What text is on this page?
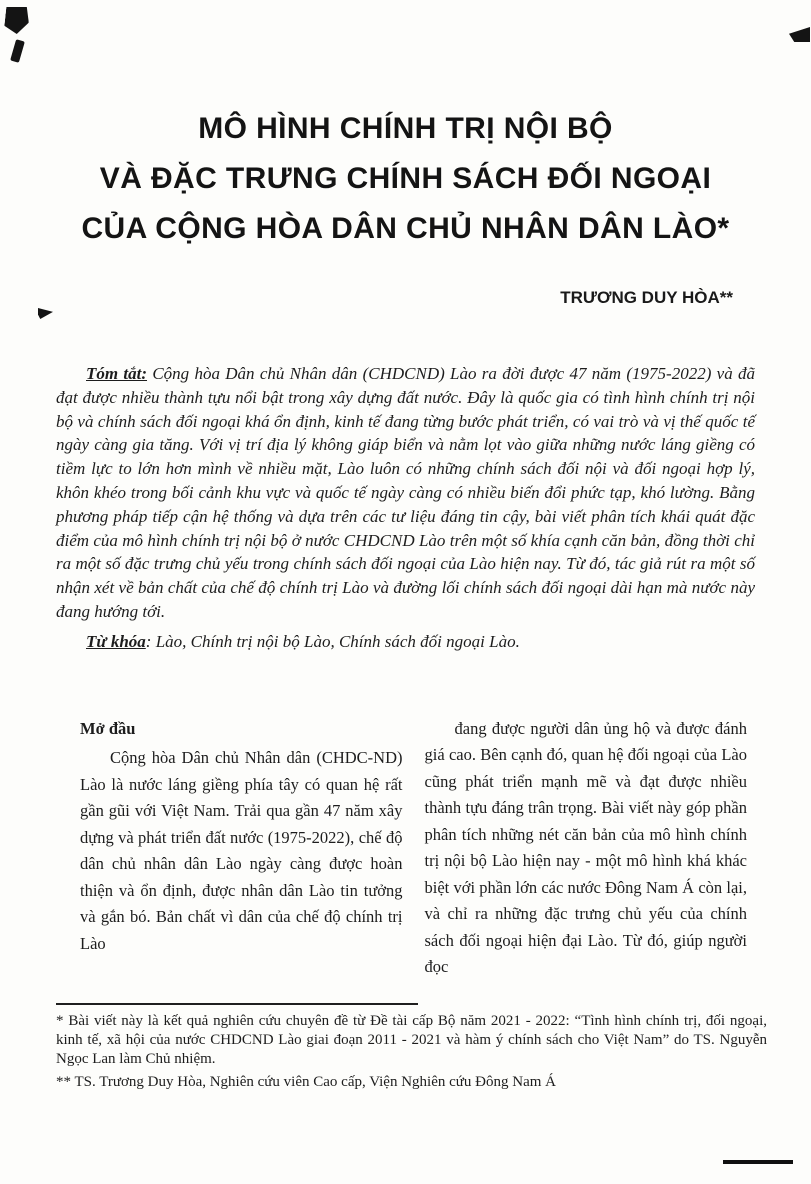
MÔ HÌNH CHÍNH TRỊ NỘI BỘ
VÀ ĐẶC TRƯNG CHÍNH SÁCH ĐỐI NGOẠI
CỦA CỘNG HÒA DÂN CHỦ NHÂN DÂN LÀO*
TRƯƠNG DUY HÒA**

Tóm tắt: Cộng hòa Dân chủ Nhân dân (CHDCND) Lào ra đời được 47 năm (1975-2022) và đã đạt được nhiều thành tựu nổi bật trong xây dựng đất nước. Đây là quốc gia có tình hình chính trị nội bộ và chính sách đối ngoại khá ổn định, kinh tế đang từng bước phát triển, có vai trò và vị thế quốc tế ngày càng gia tăng. Với vị trí địa lý không giáp biển và nằm lọt vào giữa những nước láng giềng có tiềm lực to lớn hơn mình về nhiều mặt, Lào luôn có những chính sách đối nội và đối ngoại hợp lý, khôn khéo trong bối cảnh khu vực và quốc tế ngày càng có nhiều biến đổi phức tạp, khó lường. Bằng phương pháp tiếp cận hệ thống và dựa trên các tư liệu đáng tin cậy, bài viết phân tích khái quát đặc điểm của mô hình chính trị nội bộ ở nước CHDCND Lào trên một số khía cạnh căn bản, đồng thời chỉ ra một số đặc trưng chủ yếu trong chính sách đối ngoại của Lào hiện nay. Từ đó, tác giả rút ra một số nhận xét về bản chất của chế độ chính trị Lào và đường lối chính sách đối ngoại dài hạn mà nước này đang hướng tới.

Từ khóa: Lào, Chính trị nội bộ Lào, Chính sách đối ngoại Lào.

Mở đầu

Cộng hòa Dân chủ Nhân dân (CHDC-ND) Lào là nước láng giềng phía tây có quan hệ rất gần gũi với Việt Nam. Trải qua gần 47 năm xây dựng và phát triển đất nước (1975-2022), chế độ dân chủ nhân dân Lào ngày càng được hoàn thiện và ổn định, được nhân dân Lào tin tưởng và gắn bó. Bản chất vì dân của chế độ chính trị Lào

đang được người dân ủng hộ và được đánh giá cao. Bên cạnh đó, quan hệ đối ngoại của Lào cũng phát triển mạnh mẽ và đạt được nhiều thành tựu đáng trân trọng. Bài viết này góp phần phân tích những nét căn bản của mô hình chính trị nội bộ Lào hiện nay - một mô hình khá khác biệt với phần lớn các nước Đông Nam Á còn lại, và chỉ ra những đặc trưng chủ yếu của chính sách đối ngoại hiện đại Lào. Từ đó, giúp người đọc

* Bài viết này là kết quả nghiên cứu chuyên đề từ Đề tài cấp Bộ năm 2021 - 2022: “Tình hình chính trị, đối ngoại, kinh tế, xã hội của nước CHDCND Lào giai đoạn 2011 - 2021 và hàm ý chính sách cho Việt Nam” do TS. Nguyễn Ngọc Lan làm Chủ nhiệm.

** TS. Trương Duy Hòa, Nghiên cứu viên Cao cấp, Viện Nghiên cứu Đông Nam Á
